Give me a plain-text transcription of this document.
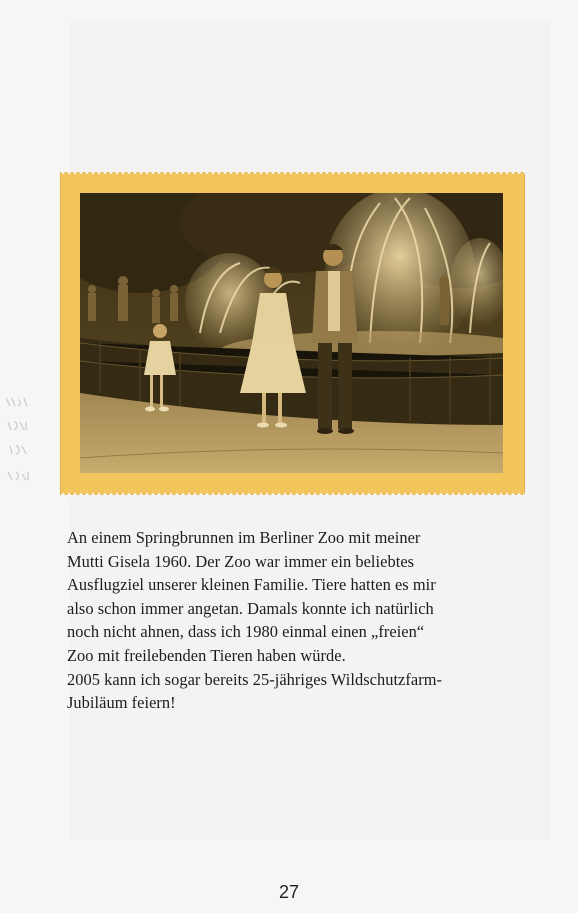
An einem Springbrunnen im Berliner Zoo mit meiner
Mutti Gisela 1960. Der Zoo war immer ein beliebtes
Ausflugziel unserer kleinen Familie. Tiere hatten es mir
also schon immer angetan. Damals konnte ich natürlich
noch nicht ahnen, dass ich 1980 einmal einen „freien“
Zoo mit freilebenden Tieren haben würde.
2005 kann ich sogar bereits 25-jähriges Wildschutzfarm-
Jubiläum feiern!
27
